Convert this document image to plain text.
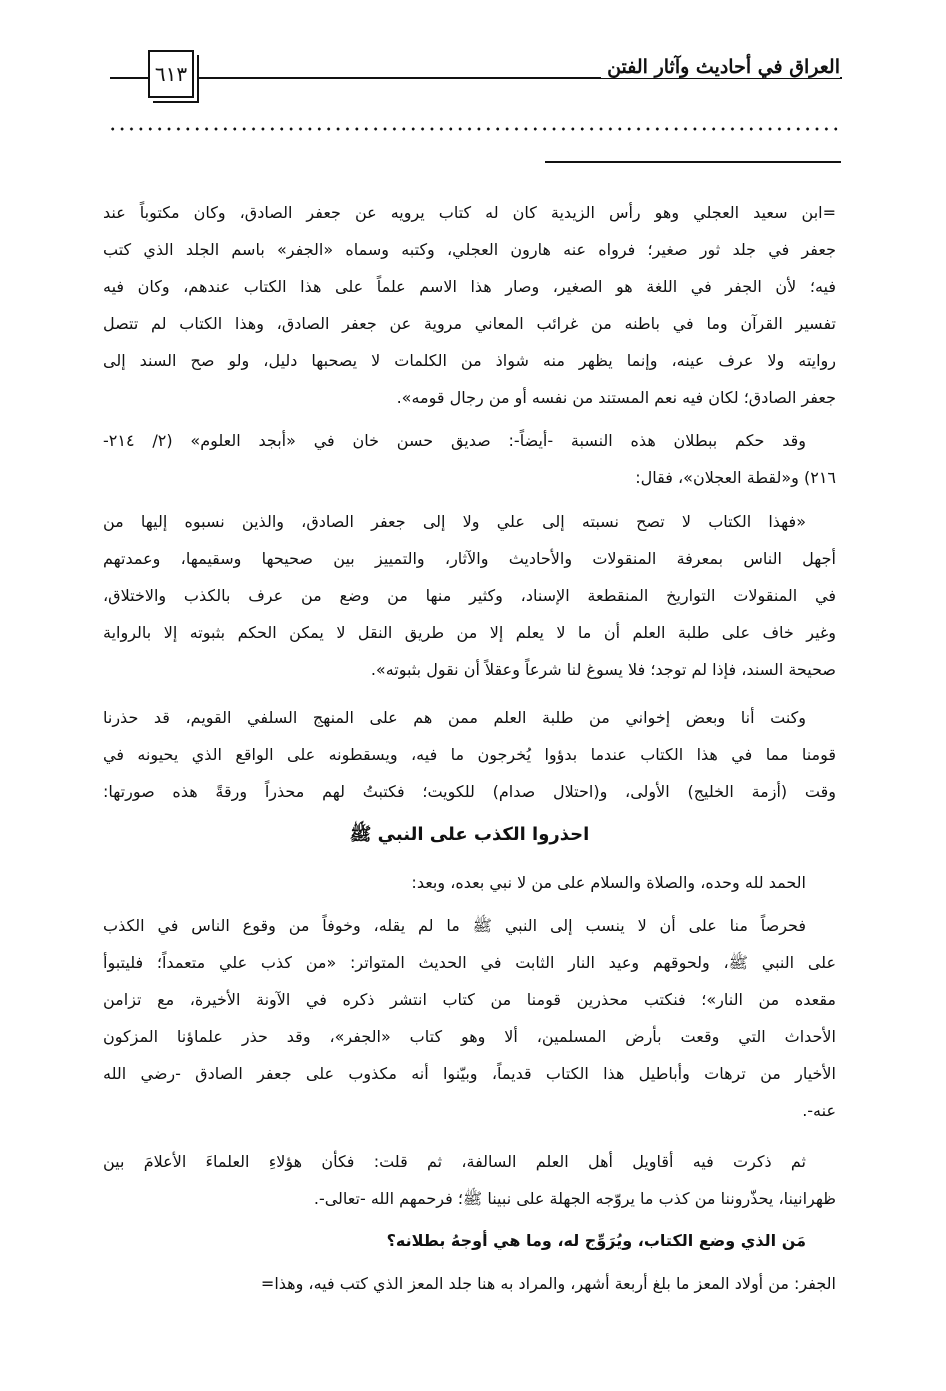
العراق في أحاديث وآثار الفتن
٦١٣
=ابن سعيد العجلي وهو رأس الزيدية كان له كتاب يرويه عن جعفر الصادق، وكان مكتوباً عند
جعفر في جلد ثور صغير؛ فرواه عنه هارون العجلي، وكتبه وسماه «الجفر» باسم الجلد الذي كتب
فيه؛ لأن الجفر في اللغة هو الصغير، وصار هذا الاسم علماً على هذا الكتاب عندهم، وكان فيه
تفسير القرآن وما في باطنه من غرائب المعاني مروية عن جعفر الصادق، وهذا الكتاب لم تتصل
روايته ولا عرف عينه، وإنما يظهر منه شواذ من الكلمات لا يصحبها دليل، ولو صح السند إلى
جعفر الصادق؛ لكان فيه نعم المستند من نفسه أو من رجال قومه».
وقد حكم ببطلان هذه النسبة -أيضاً-: صديق حسن خان في «أبجد العلوم» (٢/ ٢١٤-
٢١٦) و«لقطة العجلان»، فقال:
«فهذا الكتاب لا تصح نسبته إلى علي ولا إلى جعفر الصادق، والذين نسبوه إليها من
أجهل الناس بمعرفة المنقولات والأحاديث والآثار، والتمييز بين صحيحها وسقيمها، وعمدتهم
في المنقولات التواريخ المنقطعة الإسناد، وكثير منها من وضع من عرف بالكذب والاختلاق،
وغير خاف على طلبة العلم أن ما لا يعلم إلا من طريق النقل لا يمكن الحكم بثبوته إلا بالرواية
صحيحة السند، فإذا لم توجد؛ فلا يسوغ لنا شرعاً وعقلاً أن نقول بثبوته».
وكنت أنا وبعض إخواني من طلبة العلم ممن هم على المنهج السلفي القويم، قد حذرنا
قومنا مما في هذا الكتاب عندما بدؤوا يُخرجون ما فيه، ويسقطونه على الواقع الذي يحيونه في
وقت (أزمة الخليج) الأولى، و(احتلال صدام) للكويت؛ فكتبتُ لهم محذراً ورقةً هذه صورتها:
احذروا الكذب على النبي ﷺ
الحمد لله وحده، والصلاة والسلام على من لا نبي بعده، وبعد:
فحرصاً منا على أن لا ينسب إلى النبي ﷺ ما لم يقله، وخوفاً من وقوع الناس في الكذب
على النبي ﷺ، ولحوقهم وعيد النار الثابت في الحديث المتواتر: «من كذب علي متعمداً؛ فليتبوأ
مقعده من النار»؛ فنكتب محذرين قومنا من كتاب انتشر ذكره في الآونة الأخيرة، مع تزامن
الأحداث التي وقعت بأرض المسلمين، ألا وهو كتاب «الجفر»، وقد حذر علماؤنا المزكون
الأخيار من ترهات وأباطيل هذا الكتاب قديماً، وبيّنوا أنه مكذوب على جعفر الصادق -رضي الله
عنه-.
ثم ذكرت فيه أقاويل أهل العلم السالفة، ثم قلت: فكأن هؤلاءِ العلماءَ الأعلامَ بين
ظهرانينا، يحذّروننا من كذب ما يروّجه الجهلة على نبينا ﷺ؛ فرحمهم الله -تعالى-.
مَن الذي وضع الكتاب، ويُرَوِّج له، وما هي أوجهُ بطلانه؟
الجفر: من أولاد المعز ما بلغ أربعة أشهر، والمراد به هنا جلد المعز الذي كتب فيه، وهذا=
